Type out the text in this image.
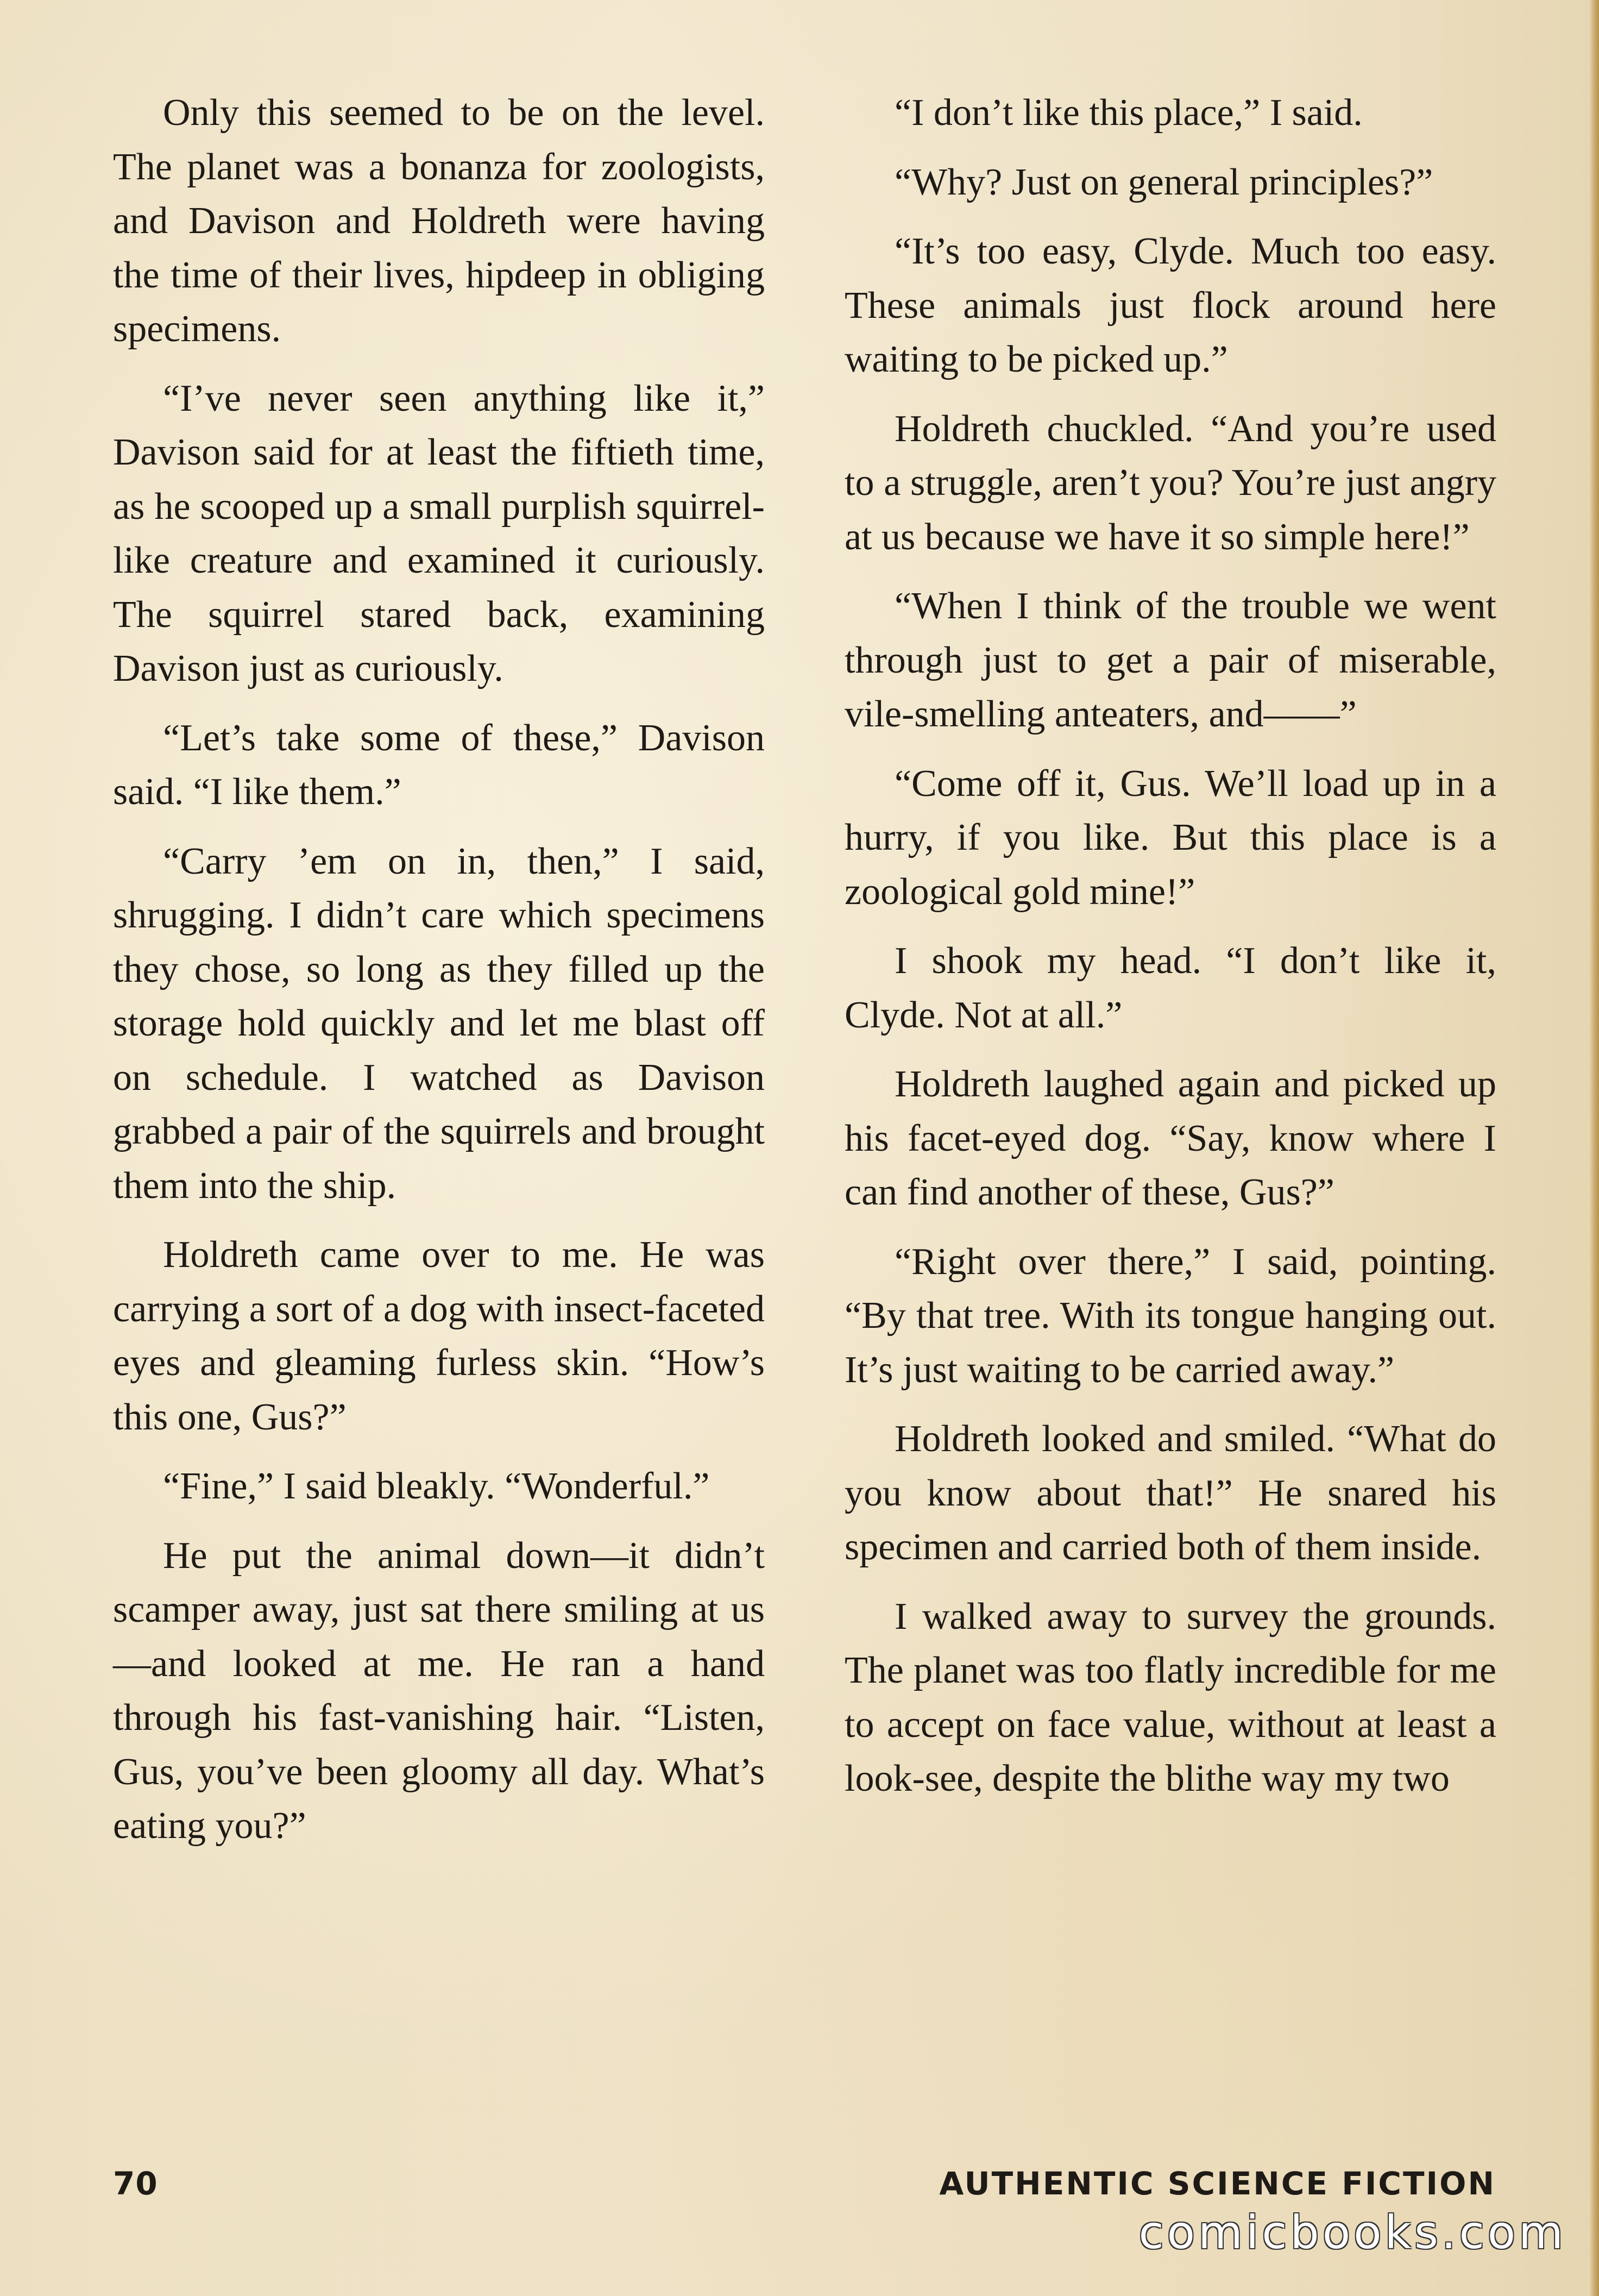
Only this seemed to be on the level. The planet was a bonanza for zoologists, and Davison and Holdreth were having the time of their lives, hipdeep in obliging specimens.

“I’ve never seen anything like it,” Davison said for at least the fiftieth time, as he scooped up a small purplish squirrel-like creature and examined it curiously. The squirrel stared back, examining Davison just as curiously.

“Let’s take some of these,” Davison said. “I like them.”

“Carry ’em on in, then,” I said, shrugging. I didn’t care which specimens they chose, so long as they filled up the storage hold quickly and let me blast off on schedule. I watched as Davison grabbed a pair of the squirrels and brought them into the ship.

Holdreth came over to me. He was carrying a sort of a dog with insect-faceted eyes and gleaming furless skin. “How’s this one, Gus?”

“Fine,” I said bleakly. “Wonderful.”

He put the animal down—it didn’t scamper away, just sat there smiling at us—and looked at me. He ran a hand through his fast-vanishing hair. “Listen, Gus, you’ve been gloomy all day. What’s eating you?”

“I don’t like this place,” I said.

“Why? Just on general principles?”

“It’s too easy, Clyde. Much too easy. These animals just flock around here waiting to be picked up.”

Holdreth chuckled. “And you’re used to a struggle, aren’t you? You’re just angry at us because we have it so simple here!”

“When I think of the trouble we went through just to get a pair of miserable, vile-smelling anteaters, and——”

“Come off it, Gus. We’ll load up in a hurry, if you like. But this place is a zoological gold mine!”

I shook my head. “I don’t like it, Clyde. Not at all.”

Holdreth laughed again and picked up his facet-eyed dog. “Say, know where I can find another of these, Gus?”

“Right over there,” I said, pointing. “By that tree. With its tongue hanging out. It’s just waiting to be carried away.”

Holdreth looked and smiled. “What do you know about that!” He snared his specimen and carried both of them inside.

I walked away to survey the grounds. The planet was too flatly incredible for me to accept on face value, without at least a look-see, despite the blithe way my two

70	AUTHENTIC SCIENCE FICTION
comicbooks.com
